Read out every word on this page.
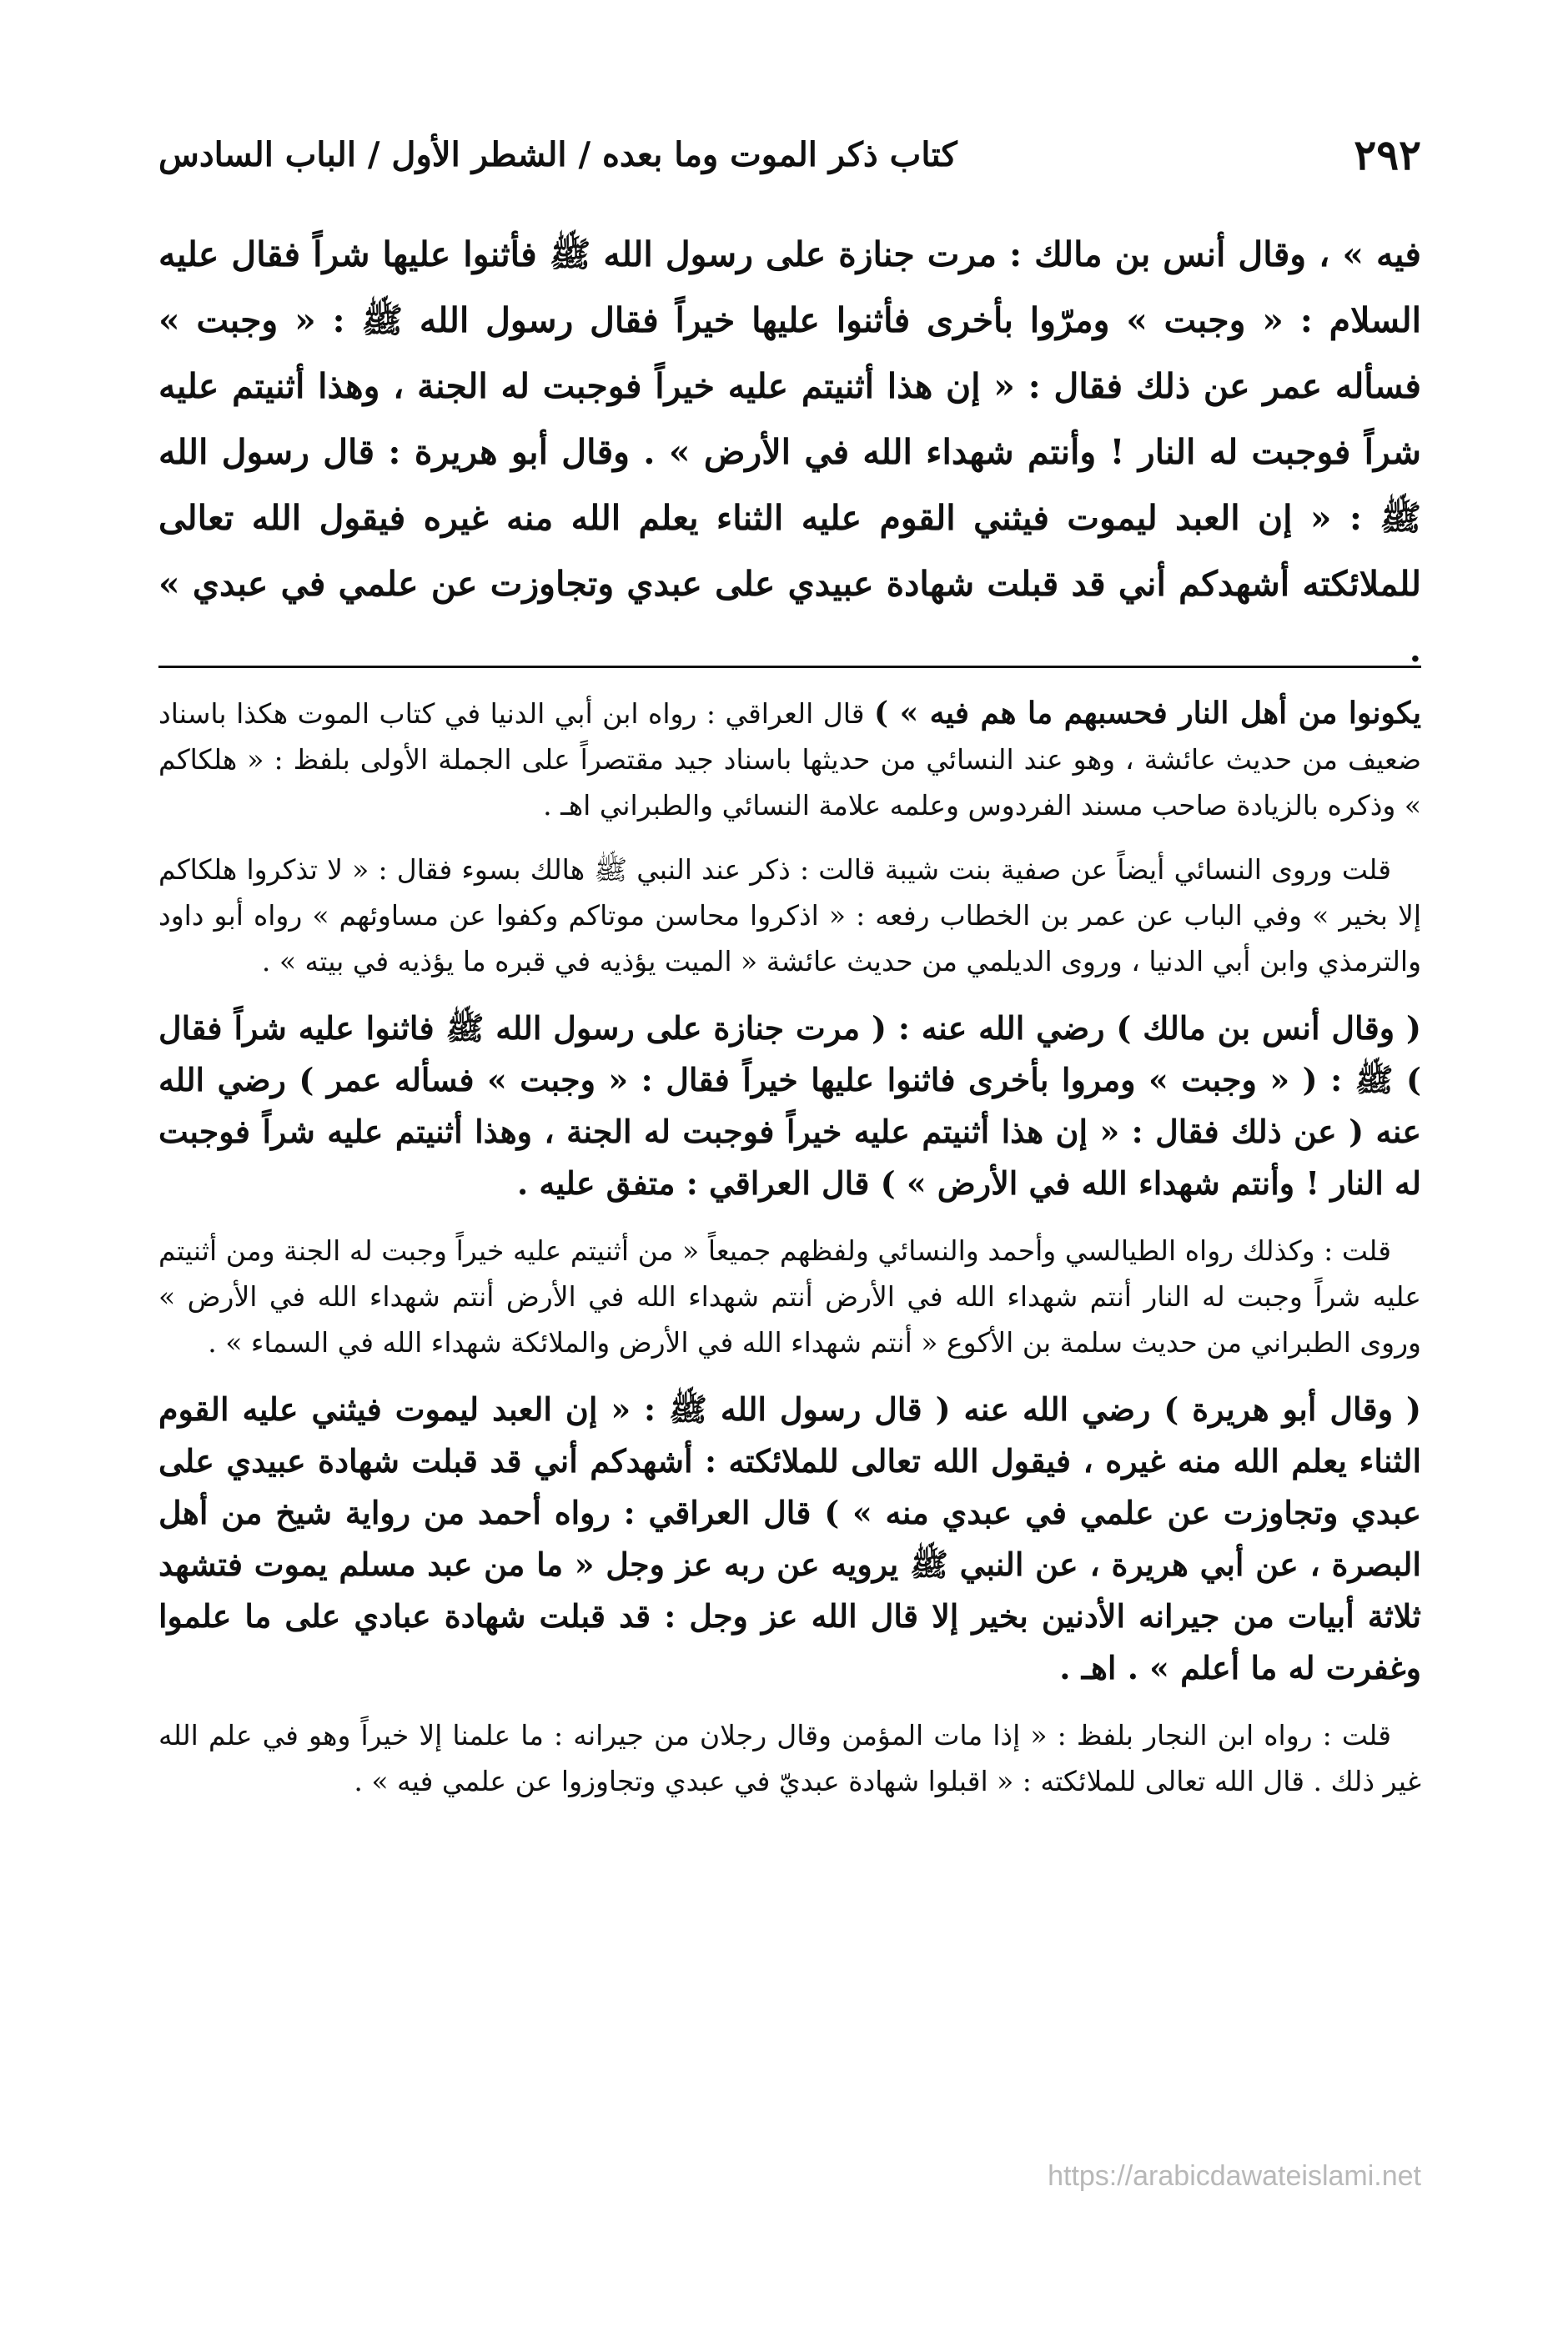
٢٩٢
كتاب ذكر الموت وما بعده / الشطر الأول / الباب السادس

فيه » ، وقال أنس بن مالك : مرت جنازة على رسول الله ﷺ فأثنوا عليها شراً فقال عليه السلام : « وجبت » ومرّوا بأخرى فأثنوا عليها خيراً فقال رسول الله ﷺ : « وجبت » فسأله عمر عن ذلك فقال : « إن هذا أثنيتم عليه خيراً فوجبت له الجنة ، وهذا أثنيتم عليه شراً فوجبت له النار ! وأنتم شهداء الله في الأرض » . وقال أبو هريرة : قال رسول الله ﷺ : « إن العبد ليموت فيثني القوم عليه الثناء يعلم الله منه غيره فيقول الله تعالى للملائكته أشهدكم أني قد قبلت شهادة عبيدي على عبدي وتجاوزت عن علمي في عبدي » .

يكونوا من أهل النار فحسبهم ما هم فيه » ) قال العراقي : رواه ابن أبي الدنيا في كتاب الموت هكذا باسناد ضعيف من حديث عائشة ، وهو عند النسائي من حديثها باسناد جيد مقتصراً على الجملة الأولى بلفظ : « هلكاكم » وذكره بالزيادة صاحب مسند الفردوس وعلمه علامة النسائي والطبراني اهـ .

قلت وروى النسائي أيضاً عن صفية بنت شيبة قالت : ذكر عند النبي ﷺ هالك بسوء فقال : « لا تذكروا هلكاكم إلا بخير » وفي الباب عن عمر بن الخطاب رفعه : « اذكروا محاسن موتاكم وكفوا عن مساوئهم » رواه أبو داود والترمذي وابن أبي الدنيا ، وروى الديلمي من حديث عائشة « الميت يؤذيه في قبره ما يؤذيه في بيته » .

( وقال أنس بن مالك ) رضي الله عنه : ( مرت جنازة على رسول الله ﷺ فاثنوا عليه شراً فقال ) ﷺ : ( « وجبت » ومروا بأخرى فاثنوا عليها خيراً فقال : « وجبت » فسأله عمر ) رضي الله عنه ( عن ذلك فقال : « إن هذا أثنيتم عليه خيراً فوجبت له الجنة ، وهذا أثنيتم عليه شراً فوجبت له النار ! وأنتم شهداء الله في الأرض » ) قال العراقي : متفق عليه .

قلت : وكذلك رواه الطيالسي وأحمد والنسائي ولفظهم جميعاً « من أثنيتم عليه خيراً وجبت له الجنة ومن أثنيتم عليه شراً وجبت له النار أنتم شهداء الله في الأرض أنتم شهداء الله في الأرض أنتم شهداء الله في الأرض » وروى الطبراني من حديث سلمة بن الأكوع « أنتم شهداء الله في الأرض والملائكة شهداء الله في السماء » .

( وقال أبو هريرة ) رضي الله عنه ( قال رسول الله ﷺ : « إن العبد ليموت فيثني عليه القوم الثناء يعلم الله منه غيره ، فيقول الله تعالى للملائكته : أشهدكم أني قد قبلت شهادة عبيدي على عبدي وتجاوزت عن علمي في عبدي منه » ) قال العراقي : رواه أحمد من رواية شيخ من أهل البصرة ، عن أبي هريرة ، عن النبي ﷺ يرويه عن ربه عز وجل « ما من عبد مسلم يموت فتشهد ثلاثة أبيات من جيرانه الأدنين بخير إلا قال الله عز وجل : قد قبلت شهادة عبادي على ما علموا وغفرت له ما أعلم » . اهـ .

قلت : رواه ابن النجار بلفظ : « إذا مات المؤمن وقال رجلان من جيرانه : ما علمنا إلا خيراً وهو في علم الله غير ذلك . قال الله تعالى للملائكته : « اقبلوا شهادة عبديّ في عبدي وتجاوزوا عن علمي فيه » .

https://arabicdawateislami.net
